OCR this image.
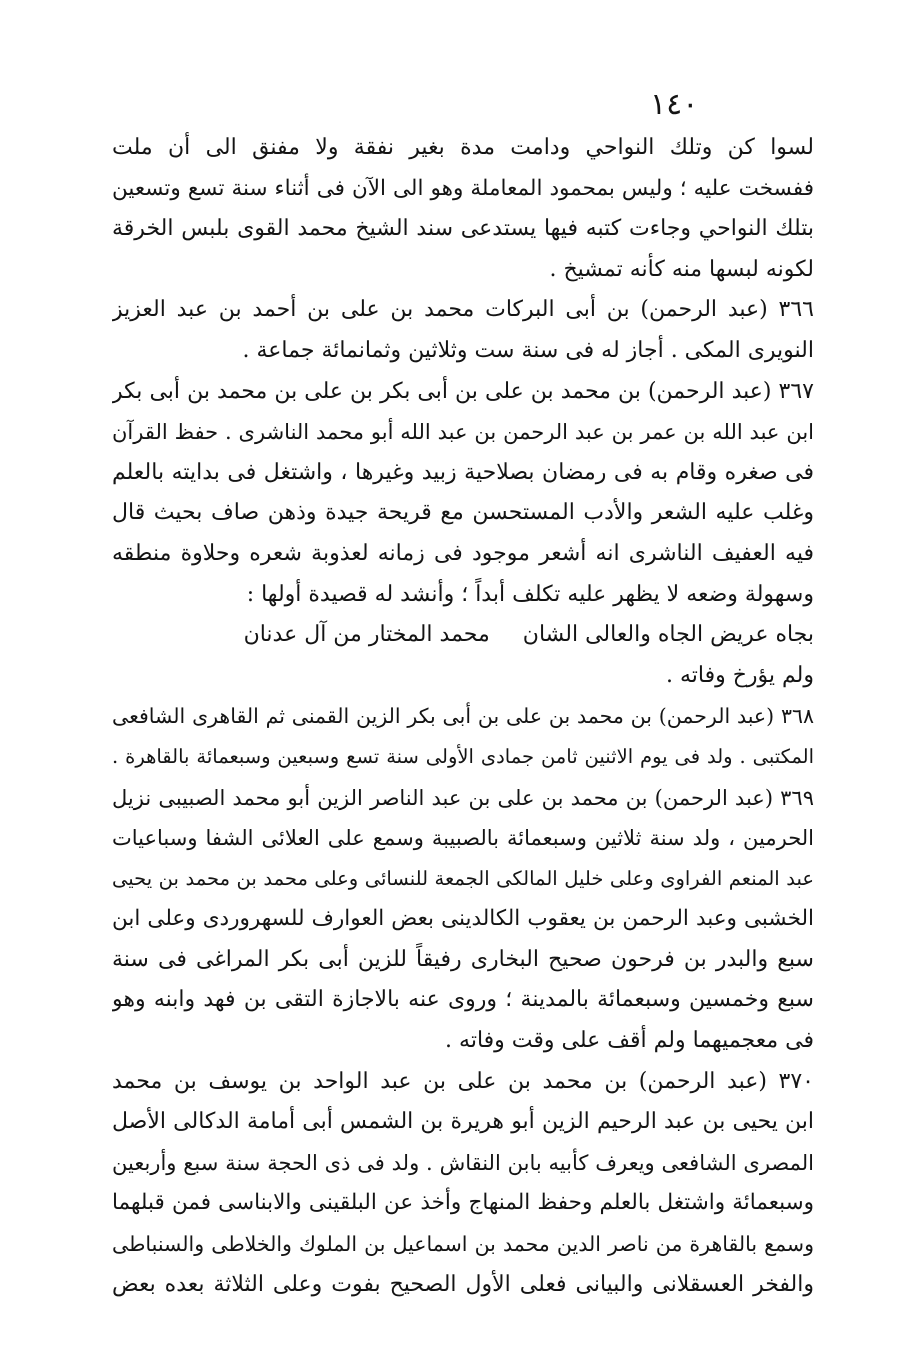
١٤٠
لسوا كن وتلك النواحي ودامت مدة بغير نفقة ولا مفنق الى أن ملت
ففسخت عليه ؛ وليس بمحمود المعاملة وهو الى الآن فى أثناء سنة تسع وتسعين
بتلك النواحي وجاءت كتبه فيها يستدعى سند الشيخ محمد القوى بلبس الخرقة
لكونه لبسها منه كأنه تمشيخ .
٣٦٦ (عبد الرحمن) بن أبى البركات محمد بن على بن أحمد بن عبد العزيز
النويرى المكى . أجاز له فى سنة ست وثلاثين وثمانمائة جماعة .
٣٦٧ (عبد الرحمن) بن محمد بن على بن أبى بكر بن على بن محمد بن أبى بكر
ابن عبد الله بن عمر بن عبد الرحمن بن عبد الله أبو محمد الناشرى . حفظ القرآن
فى صغره وقام به فى رمضان بصلاحية زبيد وغيرها ، واشتغل فى بدايته بالعلم
وغلب عليه الشعر والأدب المستحسن مع قريحة جيدة وذهن صاف بحيث قال
فيه العفيف الناشرى انه أشعر موجود فى زمانه لعذوبة شعره وحلاوة منطقه
وسهولة وضعه لا يظهر عليه تكلف أبداً ؛ وأنشد له قصيدة أولها :
بجاه عريض الجاه والعالى الشان محمد المختار من آل عدنان
ولم يؤرخ وفاته .
٣٦٨ (عبد الرحمن) بن محمد بن على بن أبى بكر الزين القمنى ثم القاهرى الشافعى
المكتبى . ولد فى يوم الاثنين ثامن جمادى الأولى سنة تسع وسبعين وسبعمائة بالقاهرة .
٣٦٩ (عبد الرحمن) بن محمد بن على بن عبد الناصر الزين أبو محمد الصبيبى نزيل
الحرمين ، ولد سنة ثلاثين وسبعمائة بالصبيبة وسمع على العلائى الشفا وسباعيات
عبد المنعم الفراوى وعلى خليل المالكى الجمعة للنسائى وعلى محمد بن محمد بن يحيى
الخشبى وعبد الرحمن بن يعقوب الكالدينى بعض العوارف للسهروردى وعلى ابن
سبع والبدر بن فرحون صحيح البخارى رفيقاً للزين أبى بكر المراغى فى سنة
سبع وخمسين وسبعمائة بالمدينة ؛ وروى عنه بالاجازة التقى بن فهد وابنه وهو
فى معجميهما ولم أقف على وقت وفاته .
٣٧٠ (عبد الرحمن) بن محمد بن على بن عبد الواحد بن يوسف بن محمد
ابن يحيى بن عبد الرحيم الزين أبو هريرة بن الشمس أبى أمامة الدكالى الأصل
المصرى الشافعى ويعرف كأبيه بابن النقاش . ولد فى ذى الحجة سنة سبع وأربعين
وسبعمائة واشتغل بالعلم وحفظ المنهاج وأخذ عن البلقينى والابناسى فمن قبلهما
وسمع بالقاهرة من ناصر الدين محمد بن اسماعيل بن الملوك والخلاطى والسنباطى
والفخر العسقلانى والبيانى فعلى الأول الصحيح بفوت وعلى الثلاثة بعده بعض
